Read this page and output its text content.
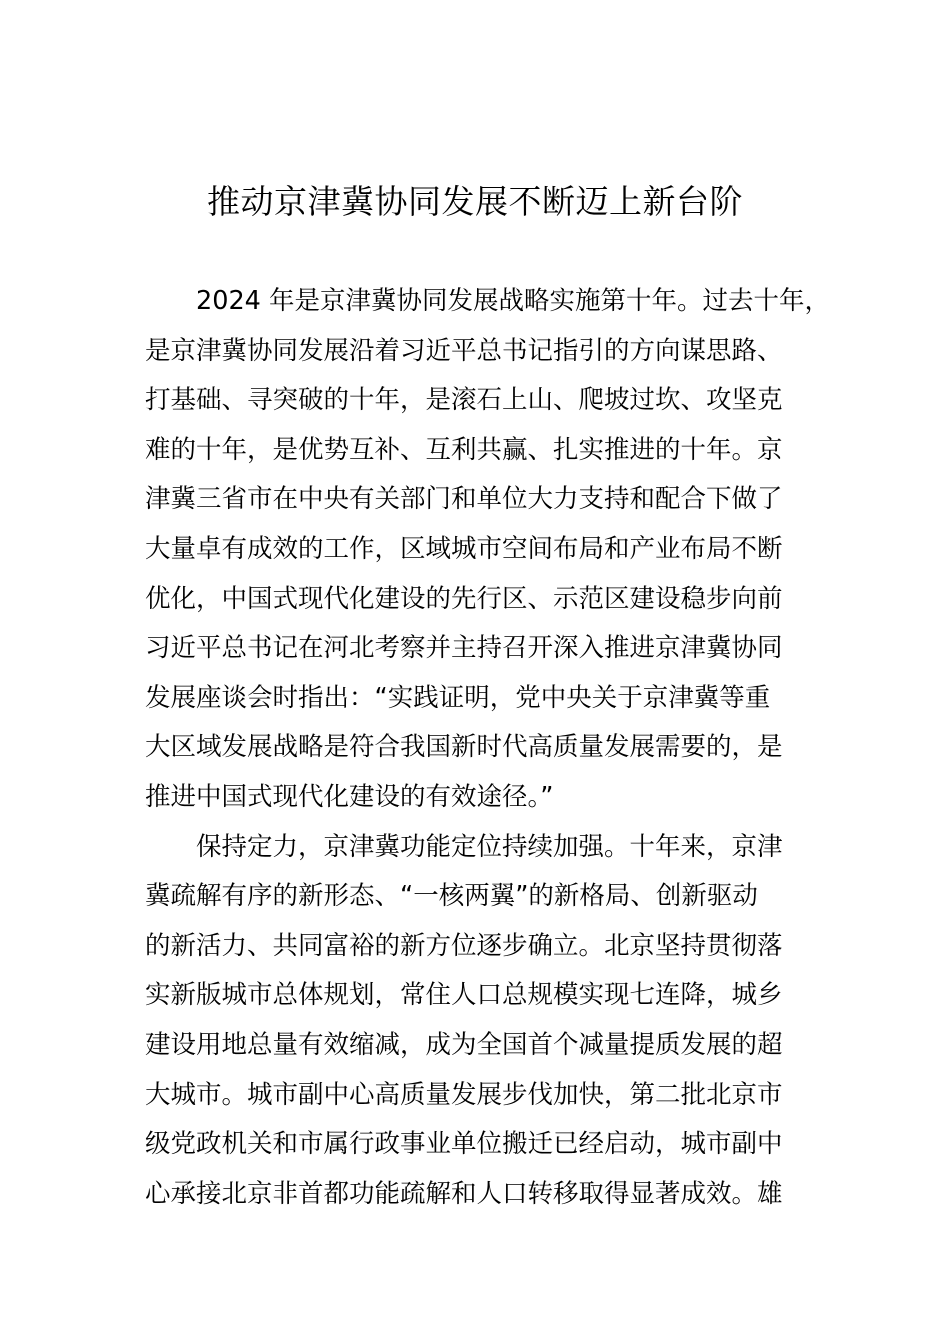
推动京津冀协同发展不断迈上新台阶
2024 年是京津冀协同发展战略实施第十年。过去十年，
是京津冀协同发展沿着习近平总书记指引的方向谋思路、
打基础、寻突破的十年，是滚石上山、爬坡过坎、攻坚克
难的十年，是优势互补、互利共赢、扎实推进的十年。京
津冀三省市在中央有关部门和单位大力支持和配合下做了
大量卓有成效的工作，区域城市空间布局和产业布局不断
优化，中国式现代化建设的先行区、示范区建设稳步向前
习近平总书记在河北考察并主持召开深入推进京津冀协同
发展座谈会时指出：“实践证明，党中央关于京津冀等重
大区域发展战略是符合我国新时代高质量发展需要的，是
推进中国式现代化建设的有效途径。”
保持定力，京津冀功能定位持续加强。十年来，京津
冀疏解有序的新形态、“一核两翼”的新格局、创新驱动
的新活力、共同富裕的新方位逐步确立。北京坚持贯彻落
实新版城市总体规划，常住人口总规模实现七连降，城乡
建设用地总量有效缩减，成为全国首个减量提质发展的超
大城市。城市副中心高质量发展步伐加快，第二批北京市
级党政机关和市属行政事业单位搬迁已经启动，城市副中
心承接北京非首都功能疏解和人口转移取得显著成效。雄
